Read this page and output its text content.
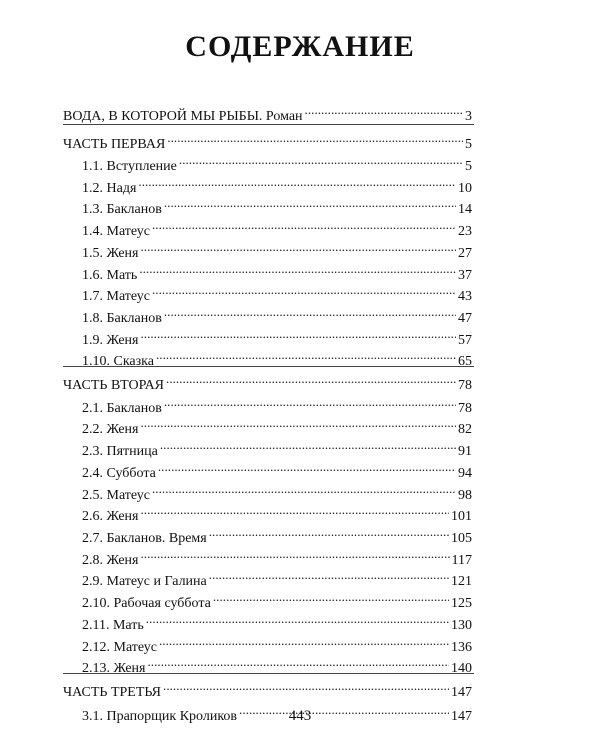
СОДЕРЖАНИЕ
ВОДА, В КОТОРОЙ МЫ РЫБЫ. Роман . . .	3
ЧАСТЬ ПЕРВАЯ . . .	5
1.1. Вступление . . .	5
1.2. Надя . . .	10
1.3. Бакланов . . .	14
1.4. Матеус . . .	23
1.5. Женя . . .	27
1.6. Мать . . .	37
1.7. Матеус . . .	43
1.8. Бакланов . . .	47
1.9. Женя . . .	57
1.10. Сказка . . .	65
ЧАСТЬ ВТОРАЯ . . .	78
2.1. Бакланов . . .	78
2.2. Женя . . .	82
2.3. Пятница . . .	91
2.4. Суббота . . .	94
2.5. Матеус . . .	98
2.6. Женя . . .	101
2.7. Бакланов. Время . . .	105
2.8. Женя . . .	117
2.9. Матеус и Галина . . .	121
2.10. Рабочая суббота . . .	125
2.11. Мать . . .	130
2.12. Матеус . . .	136
2.13. Женя . . .	140
ЧАСТЬ ТРЕТЬЯ . . .	147
3.1. Прапорщик Кроликов . . .	147
443
